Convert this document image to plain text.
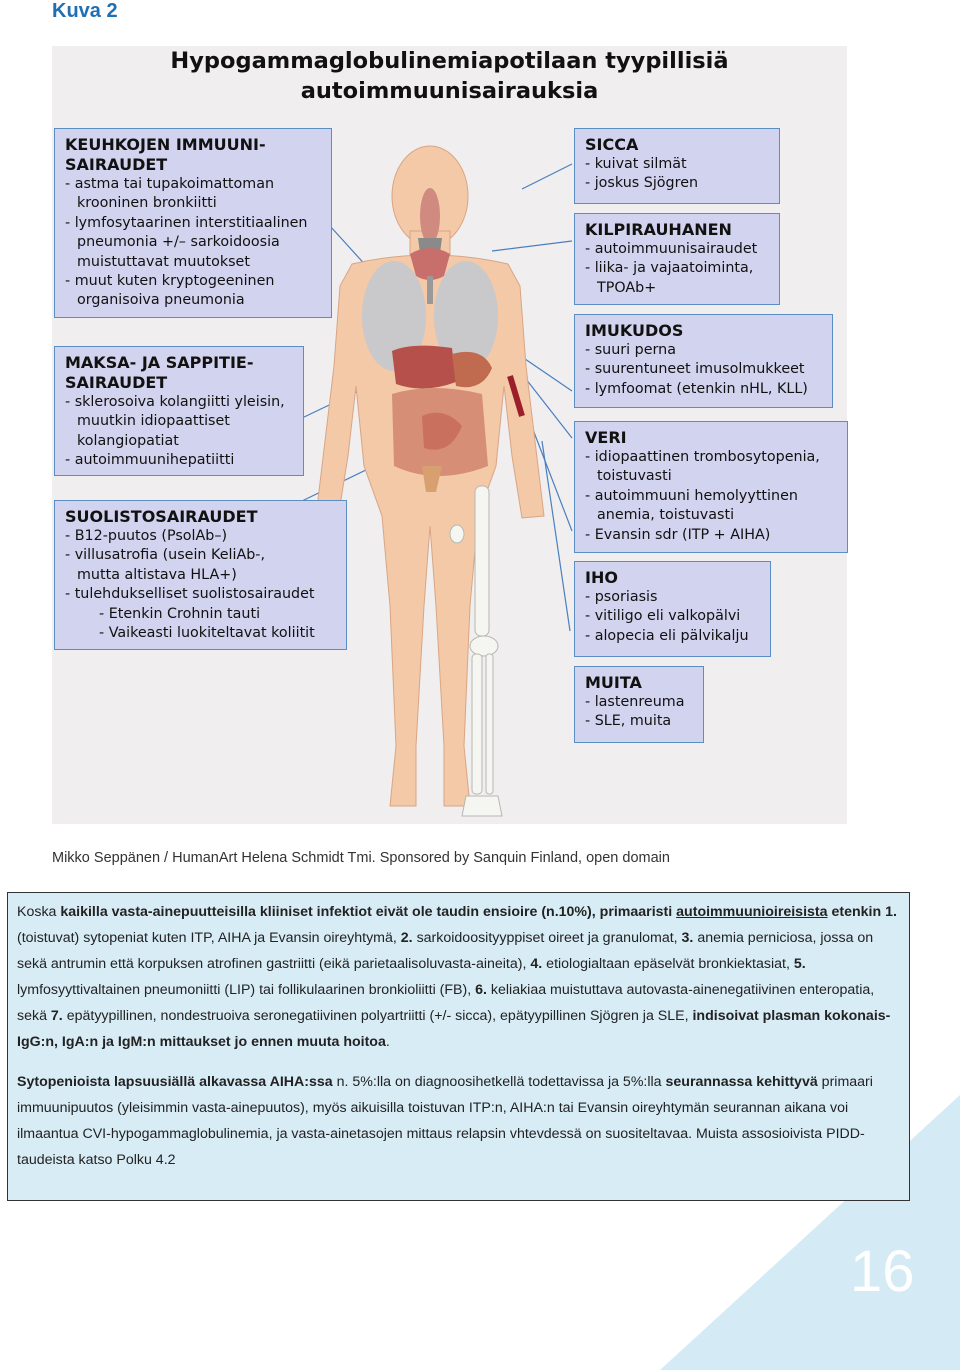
Kuva 2
Hypogammaglobulinemiapotilaan tyypillisiä
autoimmuunisairauksia
KEUHKOJEN IMMUUNI-
SAIRAUDET
- astma tai tupakoimattoman
krooninen bronkiitti
- lymfosytaarinen interstitiaalinen
pneumonia +/– sarkoidoosia
muistuttavat muutokset
- muut kuten kryptogeeninen
organisoiva pneumonia
MAKSA- JA SAPPITIE-
SAIRAUDET
- sklerosoiva kolangiitti yleisin,
muutkin idiopaattiset
kolangiopatiat
- autoimmuunihepatiitti
SUOLISTOSAIRAUDET
- B12-puutos (PsolAb–)
- villusatrofia (usein KeliAb-,
mutta altistava HLA+)
- tulehdukselliset suolistosairaudet
- Etenkin Crohnin tauti
- Vaikeasti luokiteltavat koliitit
SICCA
- kuivat silmät
- joskus Sjögren
KILPIRAUHANEN
- autoimmuunisairaudet
- liika- ja vajaatoiminta,
TPOAb+
IMUKUDOS
- suuri perna
- suurentuneet imusolmukkeet
- lymfoomat (etenkin nHL, KLL)
VERI
- idiopaattinen trombosytopenia,
toistuvasti
- autoimmuuni hemolyyttinen
anemia, toistuvasti
- Evansin sdr (ITP + AIHA)
IHO
- psoriasis
- vitiligo eli valkopälvi
- alopecia eli pälvikalju
MUITA
- lastenreuma
- SLE, muita
Mikko Seppänen / HumanArt Helena Schmidt Tmi. Sponsored by Sanquin Finland, open domain

Koska kaikilla vasta-ainepuutteisilla kliiniset infektiot eivät ole taudin ensioire (n.10%), primaaristi autoimmuunioireisista etenkin 1. (toistuvat) sytopeniat kuten ITP, AIHA ja Evansin oireyhtymä, 2. sarkoidoosityyppiset oireet ja granulomat, 3. anemia perniciosa, jossa on sekä antrumin että korpuksen atrofinen gastriitti (eikä parietaalisoluvasta-aineita), 4. etiologialtaan epäselvät bronkiektasiat, 5. lymfosyyttivaltainen pneumoniitti (LIP) tai follikulaarinen bronkioliitti (FB), 6. keliakiaa muistuttava autovasta-ainenegatiivinen enteropatia, sekä 7. epätyypillinen, nondestruoiva seronegatiivinen polyartriitti (+/- sicca), epätyypillinen Sjögren ja SLE, indisoivat plasman kokonais-IgG:n, IgA:n ja IgM:n mittaukset jo ennen muuta hoitoa.

Sytopenioista lapsuusiällä alkavassa AIHA:ssa n. 5%:lla on diagnoosihetkellä todettavissa ja 5%:lla seurannassa kehittyvä primaari immuunipuutos (yleisimmin vasta-ainepuutos), myös aikuisilla toistuvan ITP:n, AIHA:n tai Evansin oireyhtymän seurannan aikana voi ilmaantua CVI-hypogammaglobulinemia, ja vasta-ainetasojen mittaus relapsin vhtevdessä on suositeltavaa. Muista assosioivista PIDD-taudeista katso Polku 4.2

16
